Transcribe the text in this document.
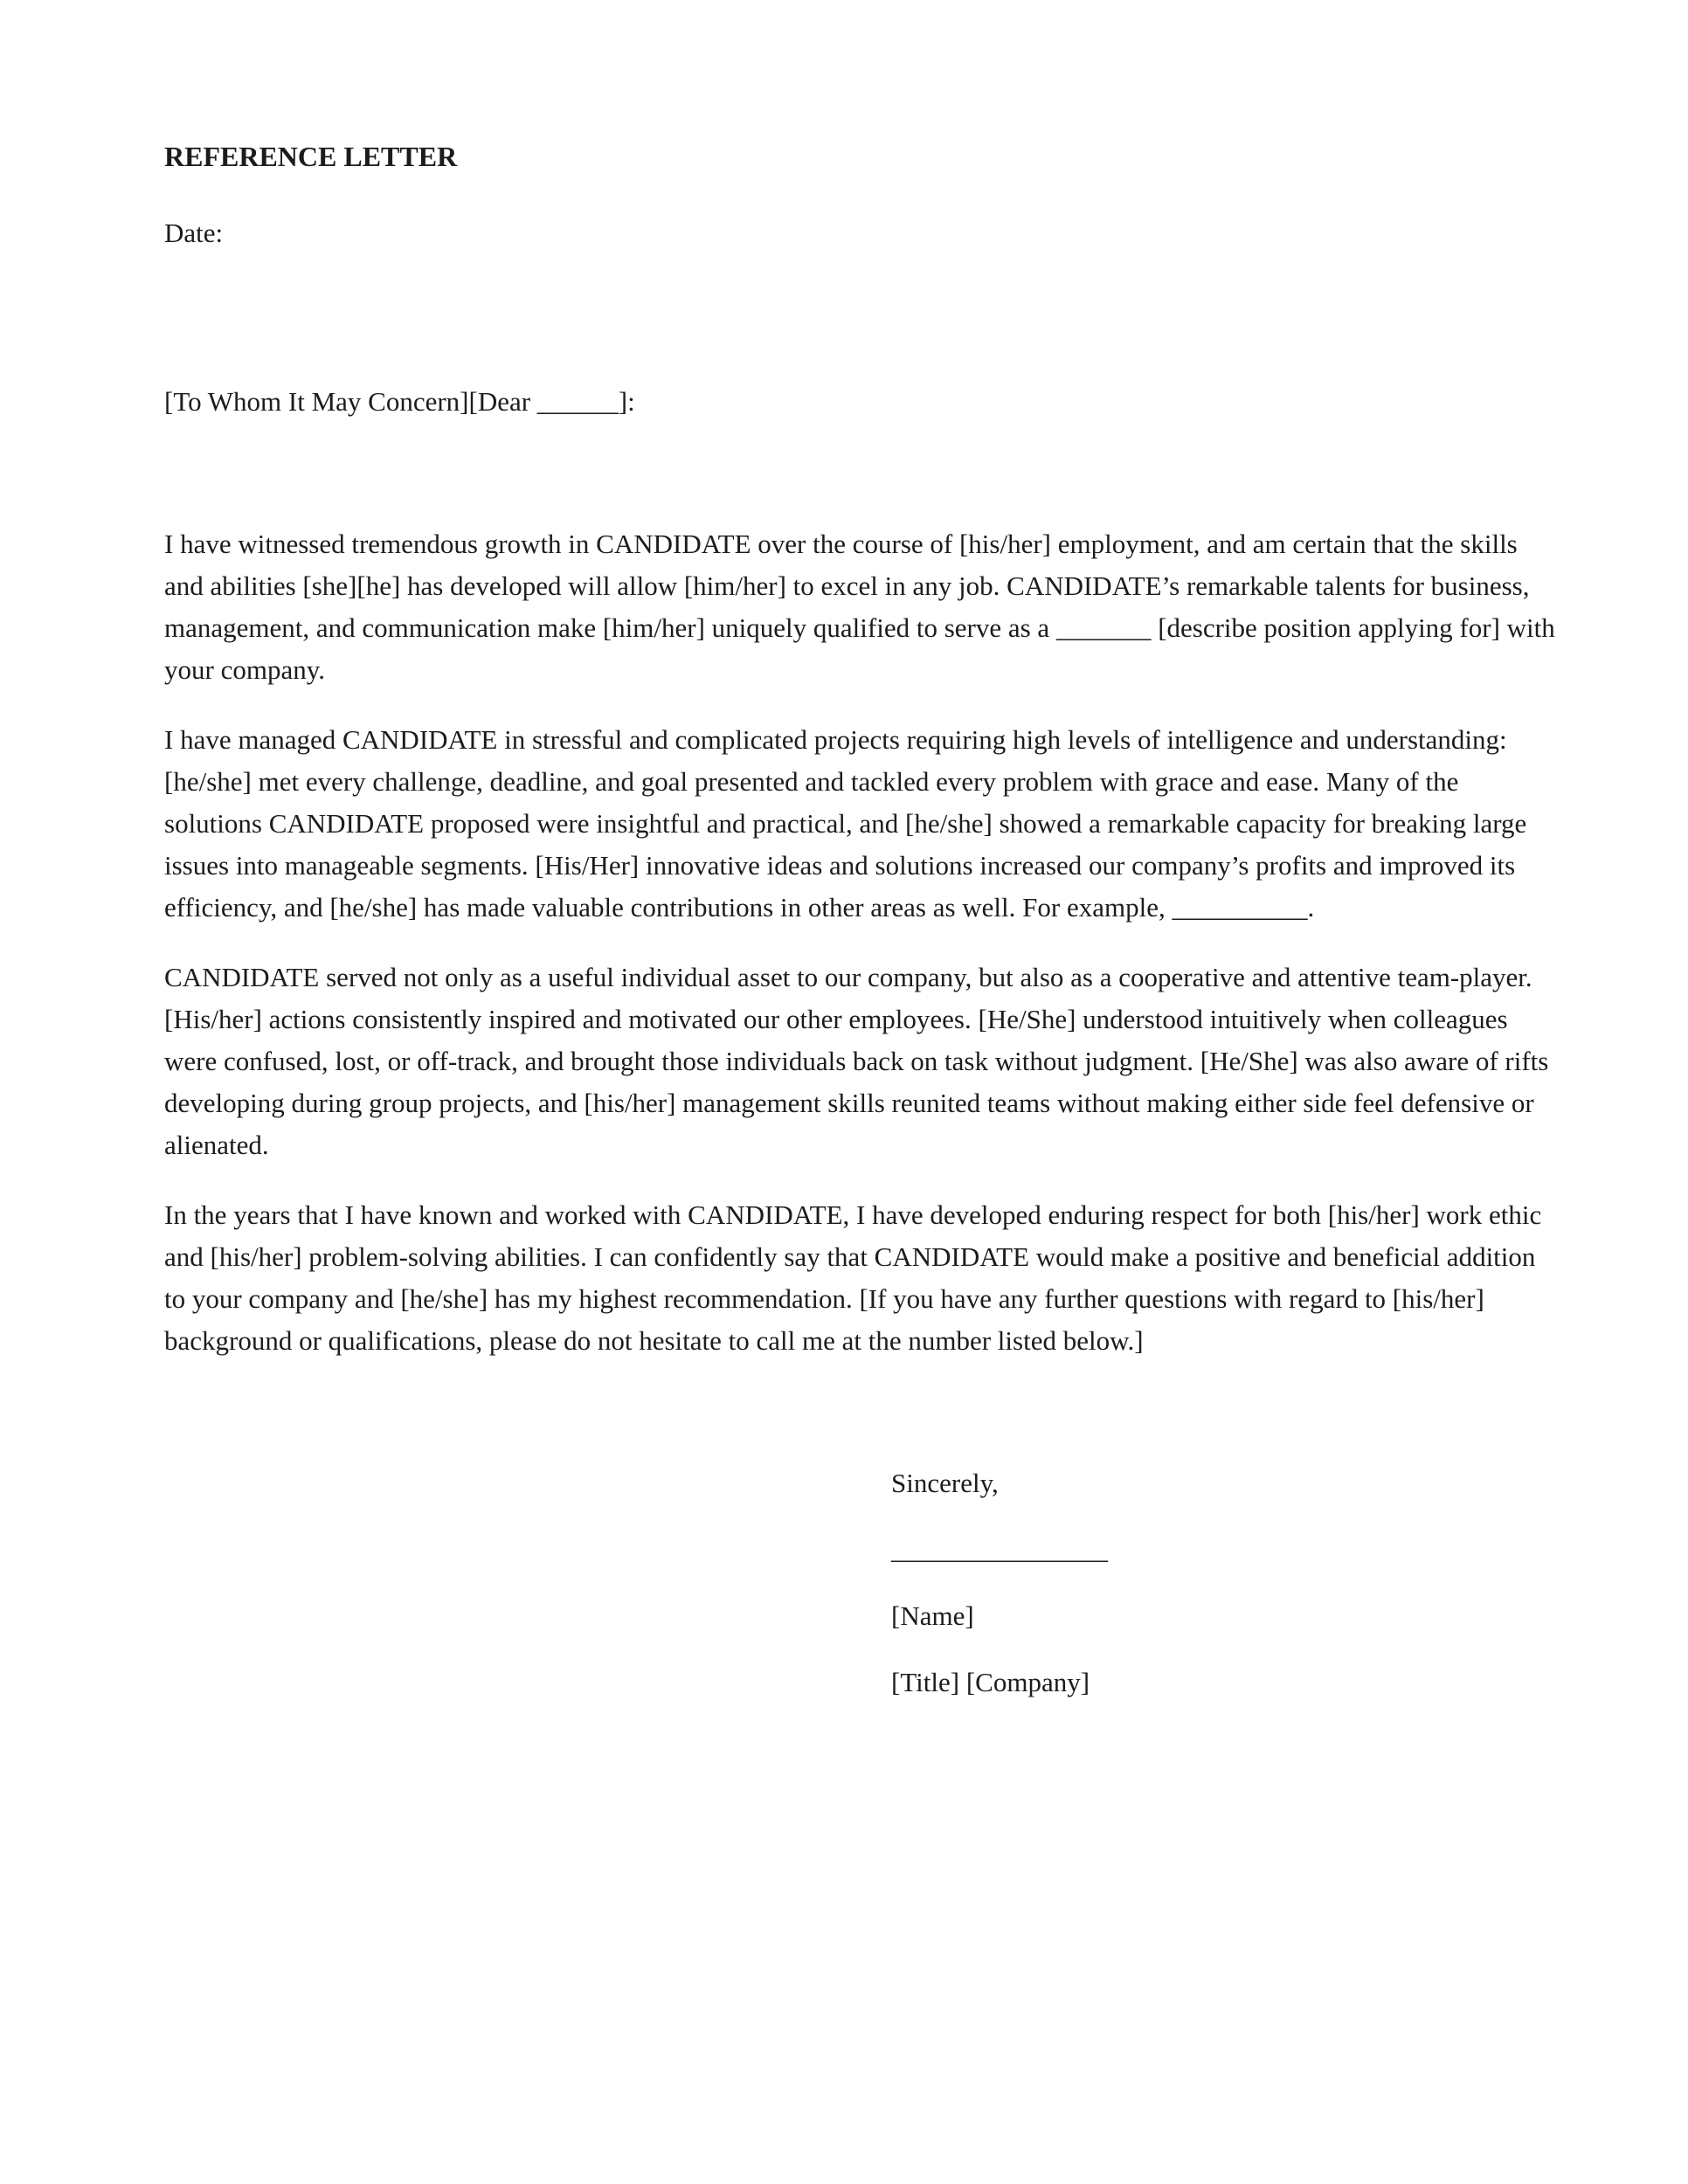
REFERENCE LETTER

Date:

[To Whom It May Concern][Dear ______]:

I have witnessed tremendous growth in CANDIDATE over the course of [his/her] employment, and am certain that the skills and abilities [she][he] has developed will allow [him/her] to excel in any job. CANDIDATE’s remarkable talents for business, management, and communication make [him/her] uniquely qualified to serve as a _______ [describe position applying for] with your company.

I have managed CANDIDATE in stressful and complicated projects requiring high levels of intelligence and understanding: [he/she] met every challenge, deadline, and goal presented and tackled every problem with grace and ease. Many of the solutions CANDIDATE proposed were insightful and practical, and [he/she] showed a remarkable capacity for breaking large issues into manageable segments. [His/Her] innovative ideas and solutions increased our company’s profits and improved its efficiency, and [he/she] has made valuable contributions in other areas as well. For example, __________.

CANDIDATE served not only as a useful individual asset to our company, but also as a cooperative and attentive team-player. [His/her] actions consistently inspired and motivated our other employees. [He/She] understood intuitively when colleagues were confused, lost, or off-track, and brought those individuals back on task without judgment. [He/She] was also aware of rifts developing during group projects, and [his/her] management skills reunited teams without making either side feel defensive or alienated.

In the years that I have known and worked with CANDIDATE, I have developed enduring respect for both [his/her] work ethic and [his/her] problem-solving abilities. I can confidently say that CANDIDATE would make a positive and beneficial addition to your company and [he/she] has my highest recommendation. [If you have any further questions with regard to [his/her] background or qualifications, please do not hesitate to call me at the number listed below.]

Sincerely,

________________

[Name]

[Title] [Company]
